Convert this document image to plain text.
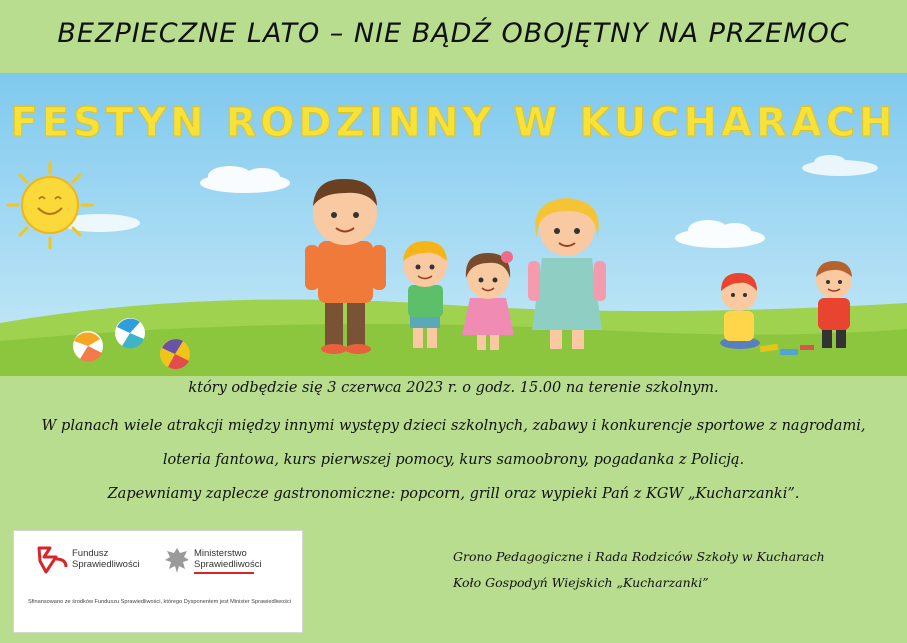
BEZPIECZNE LATO – NIE BĄDŹ OBOJĘTNY NA PRZEMOC
FESTYN RODZINNY W KUCHARACH
który odbędzie się 3 czerwca 2023 r. o godz. 15.00 na terenie szkolnym.
W planach wiele atrakcji między innymi występy dzieci szkolnych, zabawy i konkurencje sportowe z nagrodami,
loteria fantowa, kurs pierwszej pomocy, kurs samoobrony, pogadanka z Policją.
Zapewniamy zaplecze gastronomiczne: popcorn, grill oraz wypieki Pań z KGW „Kucharzanki”.
Fundusz
Sprawiedliwości
Ministerstwo
Sprawiedliwości
Sfinansowano ze środków Funduszu Sprawiedliwości, którego Dysponentem jest Minister Sprawiedliwości
Grono Pedagogiczne i Rada Rodziców Szkoły w Kucharach
Koło Gospodyń Wiejskich „Kucharzanki”
